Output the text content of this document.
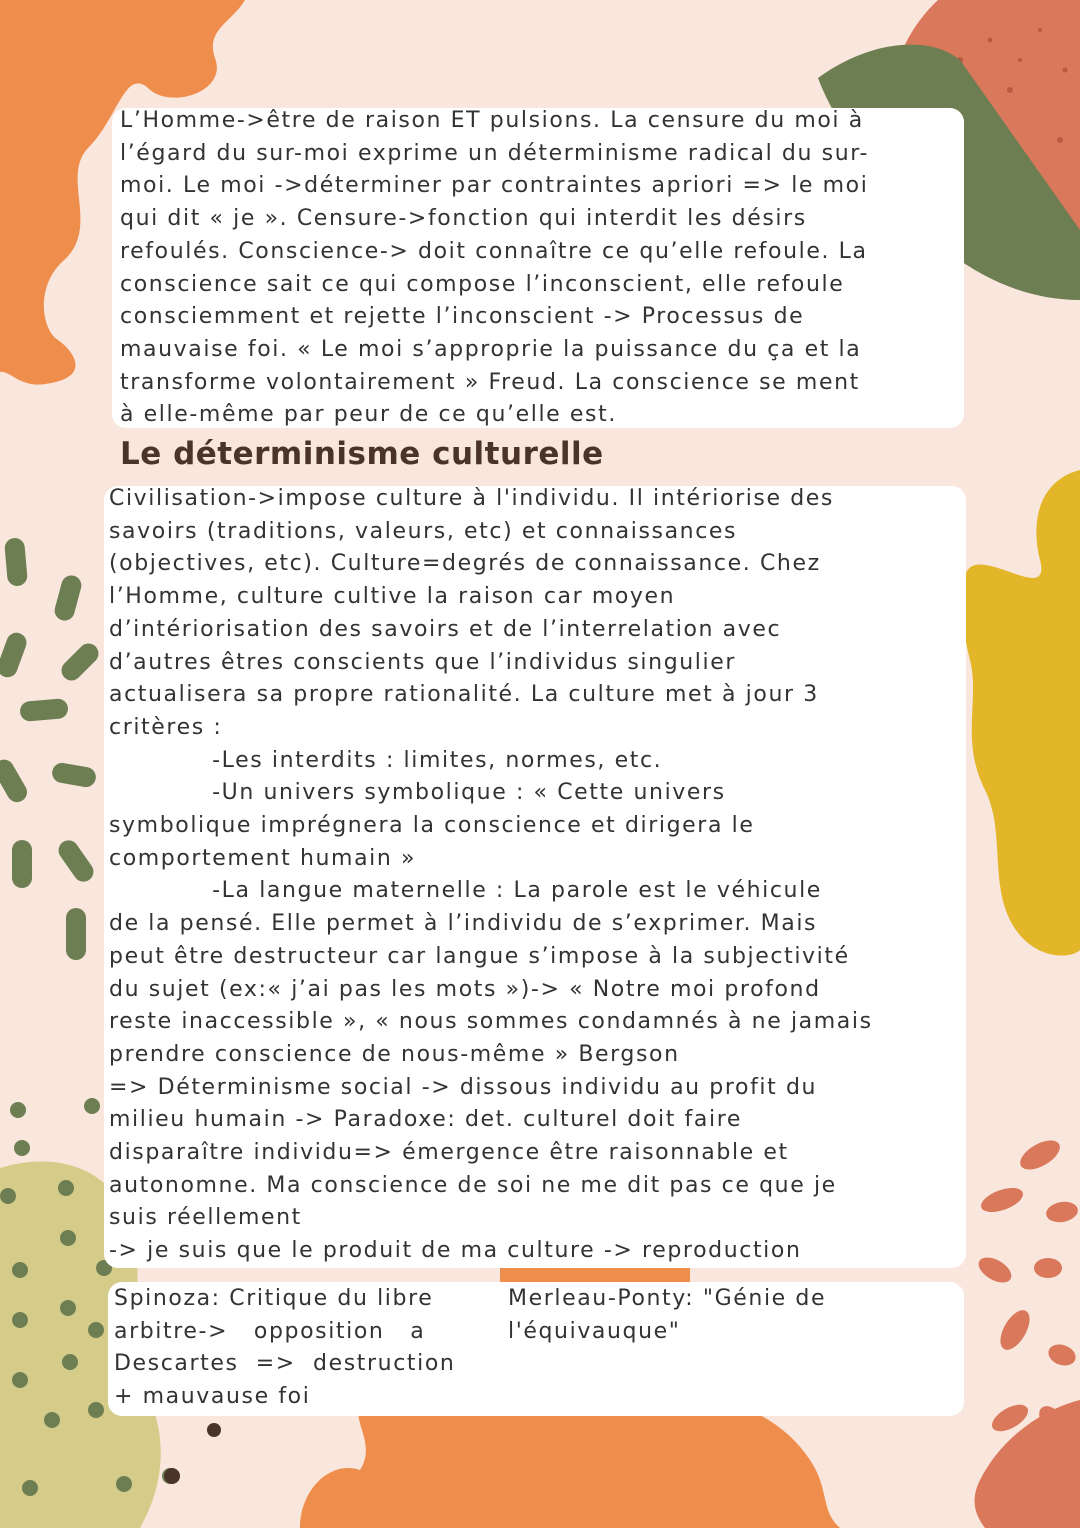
L’Homme->être de raison ET pulsions. La censure du moi à

l’égard du sur-moi exprime un déterminisme radical du sur-

moi. Le moi ->déterminer par contraintes apriori => le moi

qui dit « je ». Censure->fonction qui interdit les désirs

refoulés. Conscience-> doit connaître ce qu’elle refoule. La

conscience sait ce qui compose l’inconscient, elle refoule

consciemment et rejette l’inconscient -> Processus de

mauvaise foi. « Le moi s’approprie la puissance du ça et la

transforme volontairement » Freud. La conscience se ment

à elle-même par peur de ce qu’elle est.

Le déterminisme culturelle

Civilisation->impose culture à l'individu. Il intériorise des

savoirs (traditions, valeurs, etc) et connaissances

(objectives, etc). Culture=degrés de connaissance. Chez

l’Homme, culture cultive la raison car moyen

d’intériorisation des savoirs et de l’interrelation avec

d’autres êtres conscients que l’individus singulier

actualisera sa propre rationalité. La culture met à jour 3

critères :

-Les interdits : limites, normes, etc.

-Un univers symbolique : « Cette univers

symbolique imprégnera la conscience et dirigera le

comportement humain »

-La langue maternelle : La parole est le véhicule

de la pensé. Elle permet à l’individu de s’exprimer. Mais

peut être destructeur car langue s’impose à la subjectivité

du sujet (ex:« j’ai pas les mots »)-> « Notre moi profond

reste inaccessible », « nous sommes condamnés à ne jamais

prendre conscience de nous-même » Bergson

=> Déterminisme social -> dissous individu au profit du

milieu humain -> Paradoxe: det. culturel doit faire

disparaître individu=> émergence être raisonnable et

autonomne. Ma conscience de soi ne me dit pas ce que je

suis réellement

-> je suis que le produit de ma culture -> reproduction

Spinoza: Critique du libre

arbitre->   opposition   a

Descartes  =>  destruction

+ mauvause foi

Merleau-Ponty: "Génie de

l'équivauque"
